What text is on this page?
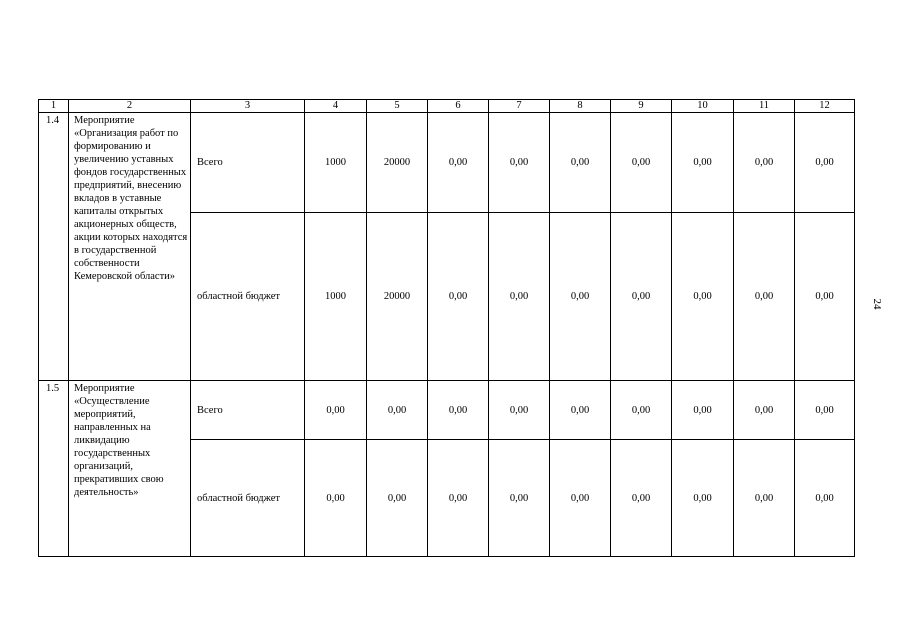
1	2	3	4	5	6	7	8	9	10	11	12
1.4	Мероприятие «Организация работ по формированию и увеличению уставных фондов государственных предприятий, внесению вкладов в уставные капиталы открытых акционерных обществ, акции которых находятся в государственной собственности Кемеровской области»	Всего	1000	20000	0,00	0,00	0,00	0,00	0,00	0,00	0,00
		областной бюджет	1000	20000	0,00	0,00	0,00	0,00	0,00	0,00	0,00
1.5	Мероприятие «Осуществление мероприятий, направленных на ликвидацию государственных организаций, прекративших свою деятельность»	Всего	0,00	0,00	0,00	0,00	0,00	0,00	0,00	0,00	0,00
		областной бюджет	0,00	0,00	0,00	0,00	0,00	0,00	0,00	0,00	0,00
24
